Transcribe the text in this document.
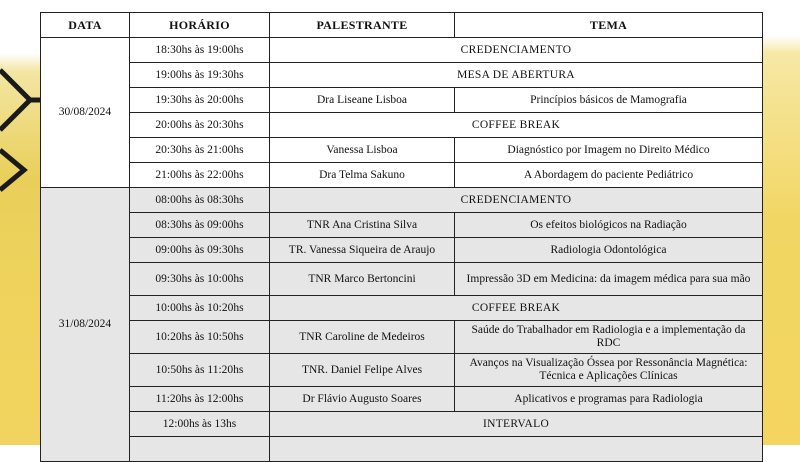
DATA	HORÁRIO	PALESTRANTE	TEMA
30/08/2024	18:30hs às 19:00hs	CREDENCIAMENTO	
	19:00hs às 19:30hs	MESA DE ABERTURA	
	19:30hs às 20:00hs	Dra Liseane Lisboa	Princípios básicos de Mamografia
	20:00hs às 20:30hs	COFFEE BREAK	
	20:30hs às 21:00hs	Vanessa Lisboa	Diagnóstico por Imagem no Direito Médico
	21:00hs às 22:00hs	Dra Telma Sakuno	A Abordagem do paciente Pediátrico
31/08/2024	08:00hs às 08:30hs	CREDENCIAMENTO	
	08:30hs às 09:00hs	TNR Ana Cristina Silva	Os efeitos biológicos na Radiação
	09:00hs às 09:30hs	TR. Vanessa Siqueira de Araujo	Radiologia Odontológica
	09:30hs às 10:00hs	TNR Marco Bertoncini	Impressão 3D em Medicina: da imagem médica para sua mão
	10:00hs às 10:20hs	COFFEE BREAK	
	10:20hs às 10:50hs	TNR Caroline de Medeiros	Saúde do Trabalhador em Radiologia e a implementação da RDC
	10:50hs às 11:20hs	TNR. Daniel Felipe Alves	Avanços na Visualização Óssea por Ressonância Magnética: Técnica e Aplicações Clínicas
	11:20hs às 12:00hs	Dr Flávio Augusto Soares	Aplicativos e programas para Radiologia
	12:00hs às 13hs	INTERVALO	
